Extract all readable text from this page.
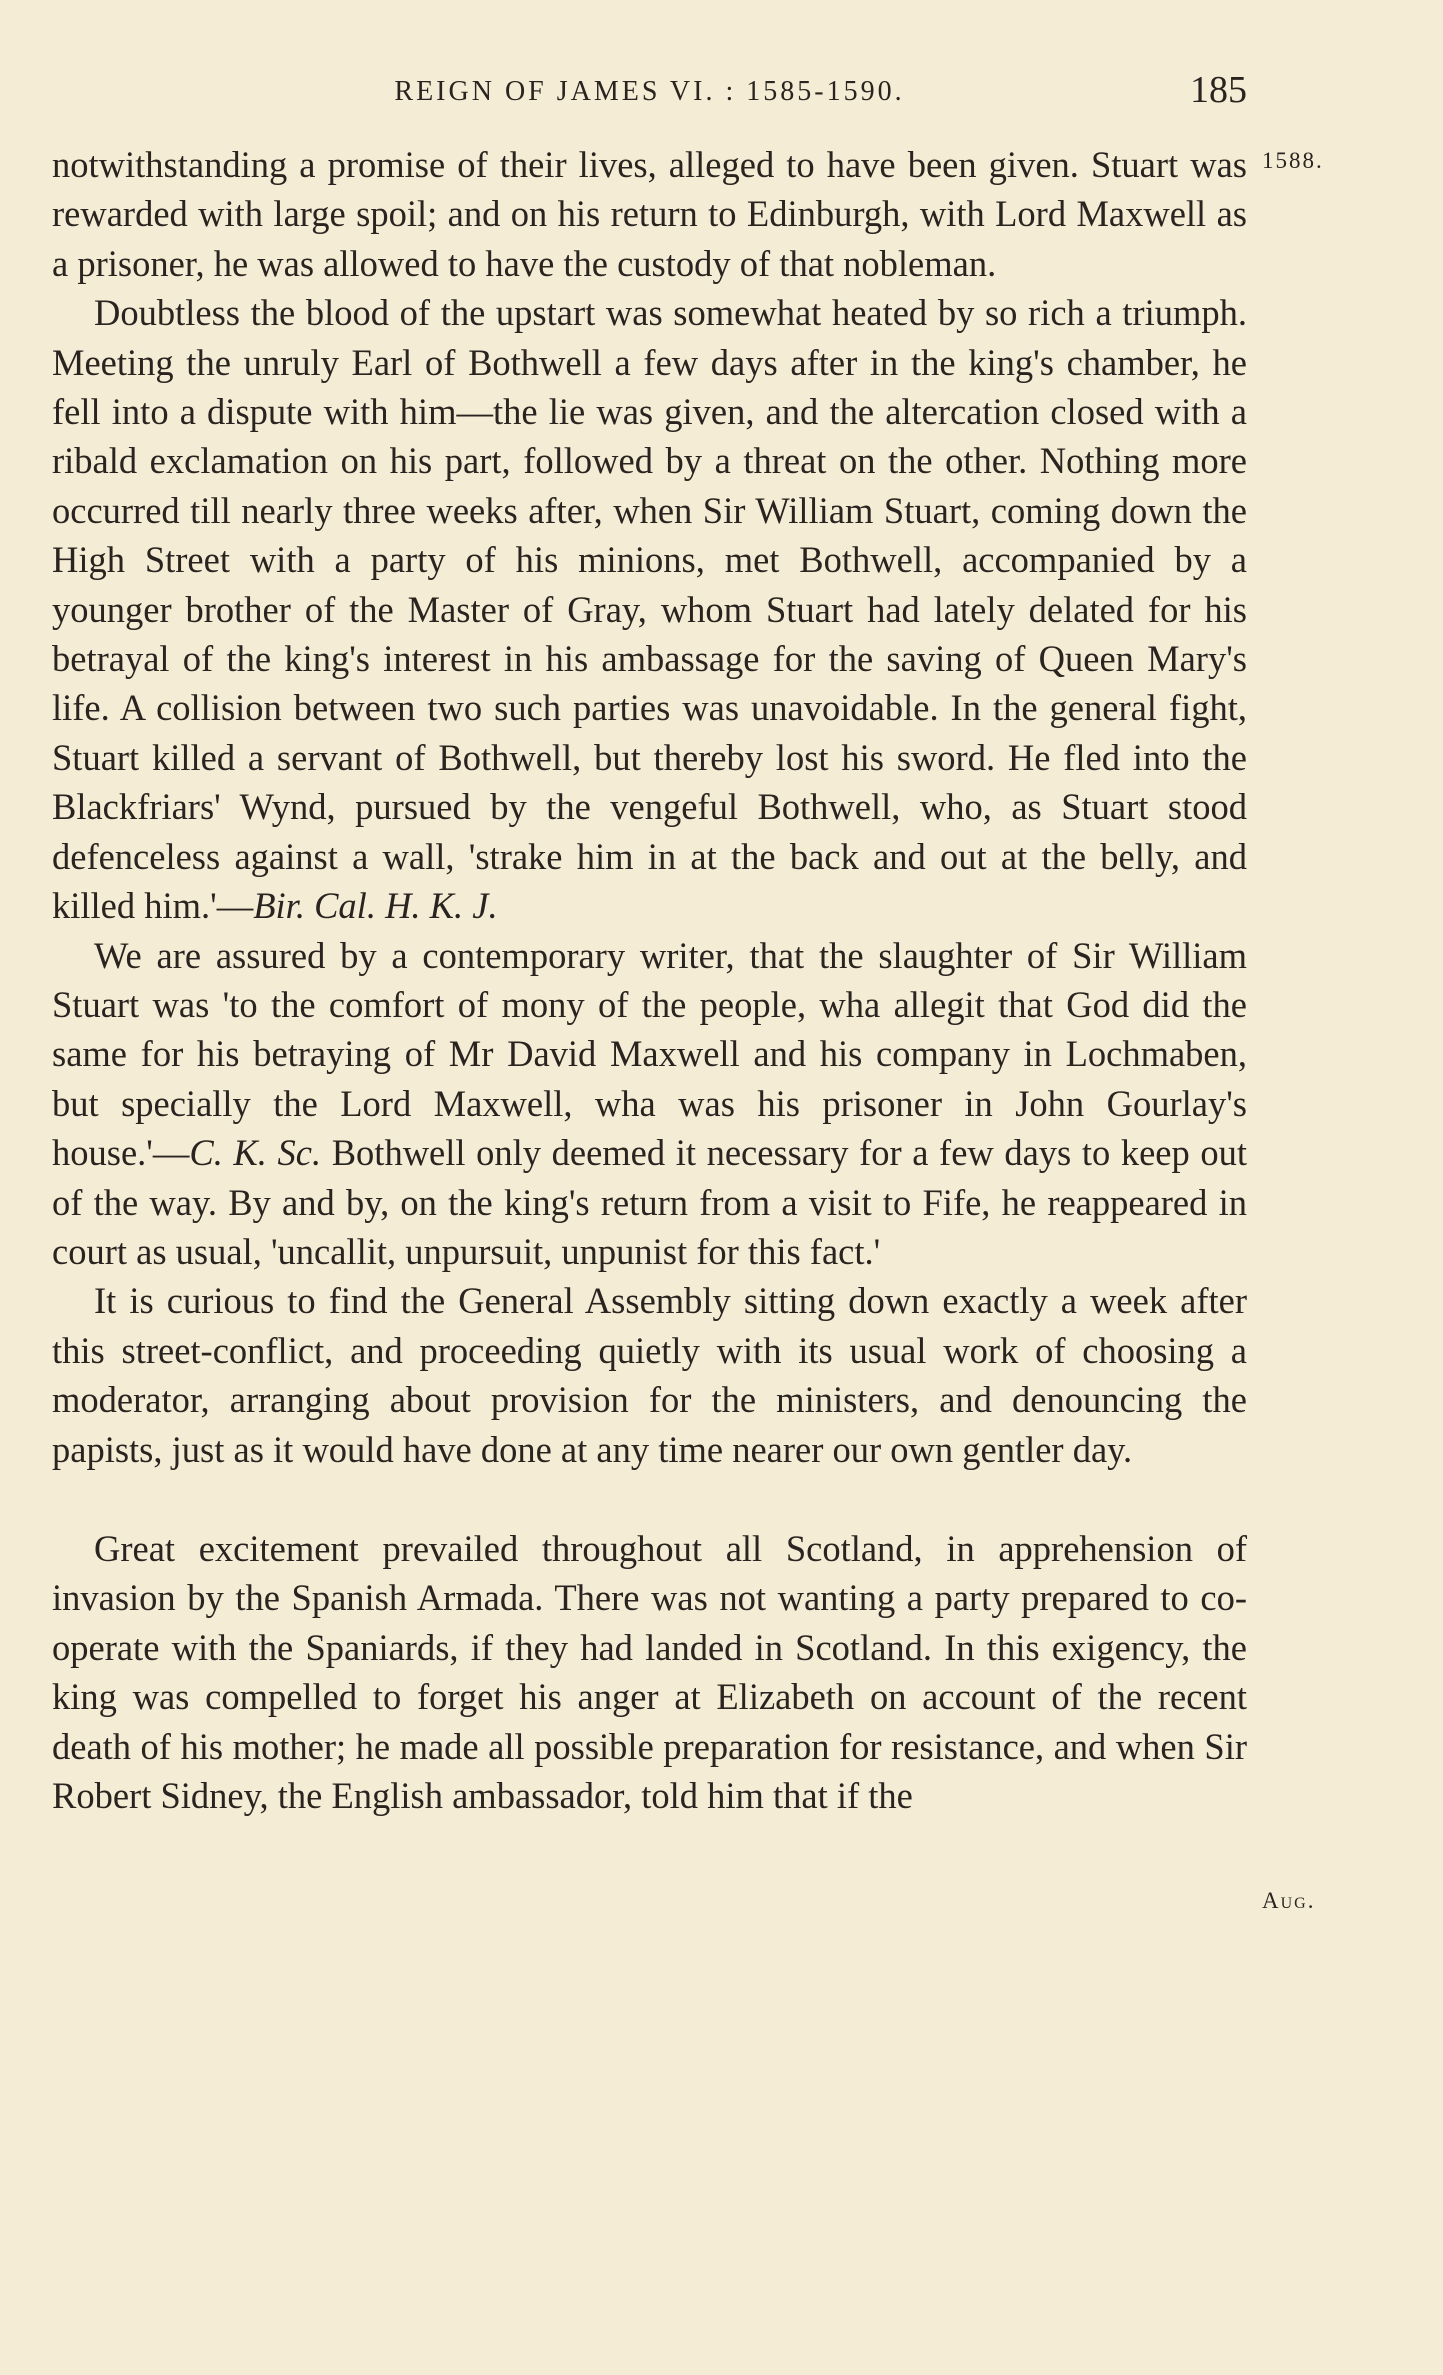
REIGN OF JAMES VI. : 1585-1590.	185
1588.
Aug.

notwithstanding a promise of their lives, alleged to have been given. Stuart was rewarded with large spoil; and on his return to Edinburgh, with Lord Maxwell as a prisoner, he was allowed to have the custody of that nobleman.

Doubtless the blood of the upstart was somewhat heated by so rich a triumph. Meeting the unruly Earl of Bothwell a few days after in the king's chamber, he fell into a dispute with him—the lie was given, and the altercation closed with a ribald exclamation on his part, followed by a threat on the other. Nothing more occurred till nearly three weeks after, when Sir William Stuart, coming down the High Street with a party of his minions, met Bothwell, accompanied by a younger brother of the Master of Gray, whom Stuart had lately delated for his betrayal of the king's interest in his ambassage for the saving of Queen Mary's life. A collision between two such parties was unavoidable. In the general fight, Stuart killed a servant of Bothwell, but thereby lost his sword. He fled into the Blackfriars' Wynd, pursued by the vengeful Bothwell, who, as Stuart stood defenceless against a wall, 'strake him in at the back and out at the belly, and killed him.'—Bir. Cal. H. K. J.

We are assured by a contemporary writer, that the slaughter of Sir William Stuart was 'to the comfort of mony of the people, wha allegit that God did the same for his betraying of Mr David Maxwell and his company in Lochmaben, but specially the Lord Maxwell, wha was his prisoner in John Gourlay's house.'—C. K. Sc. Bothwell only deemed it necessary for a few days to keep out of the way. By and by, on the king's return from a visit to Fife, he reappeared in court as usual, 'uncallit, unpursuit, unpunist for this fact.'

It is curious to find the General Assembly sitting down exactly a week after this street-conflict, and proceeding quietly with its usual work of choosing a moderator, arranging about provision for the ministers, and denouncing the papists, just as it would have done at any time nearer our own gentler day.

Great excitement prevailed throughout all Scotland, in apprehension of invasion by the Spanish Armada. There was not wanting a party prepared to co-operate with the Spaniards, if they had landed in Scotland. In this exigency, the king was compelled to forget his anger at Elizabeth on account of the recent death of his mother; he made all possible preparation for resistance, and when Sir Robert Sidney, the English ambassador, told him that if the
